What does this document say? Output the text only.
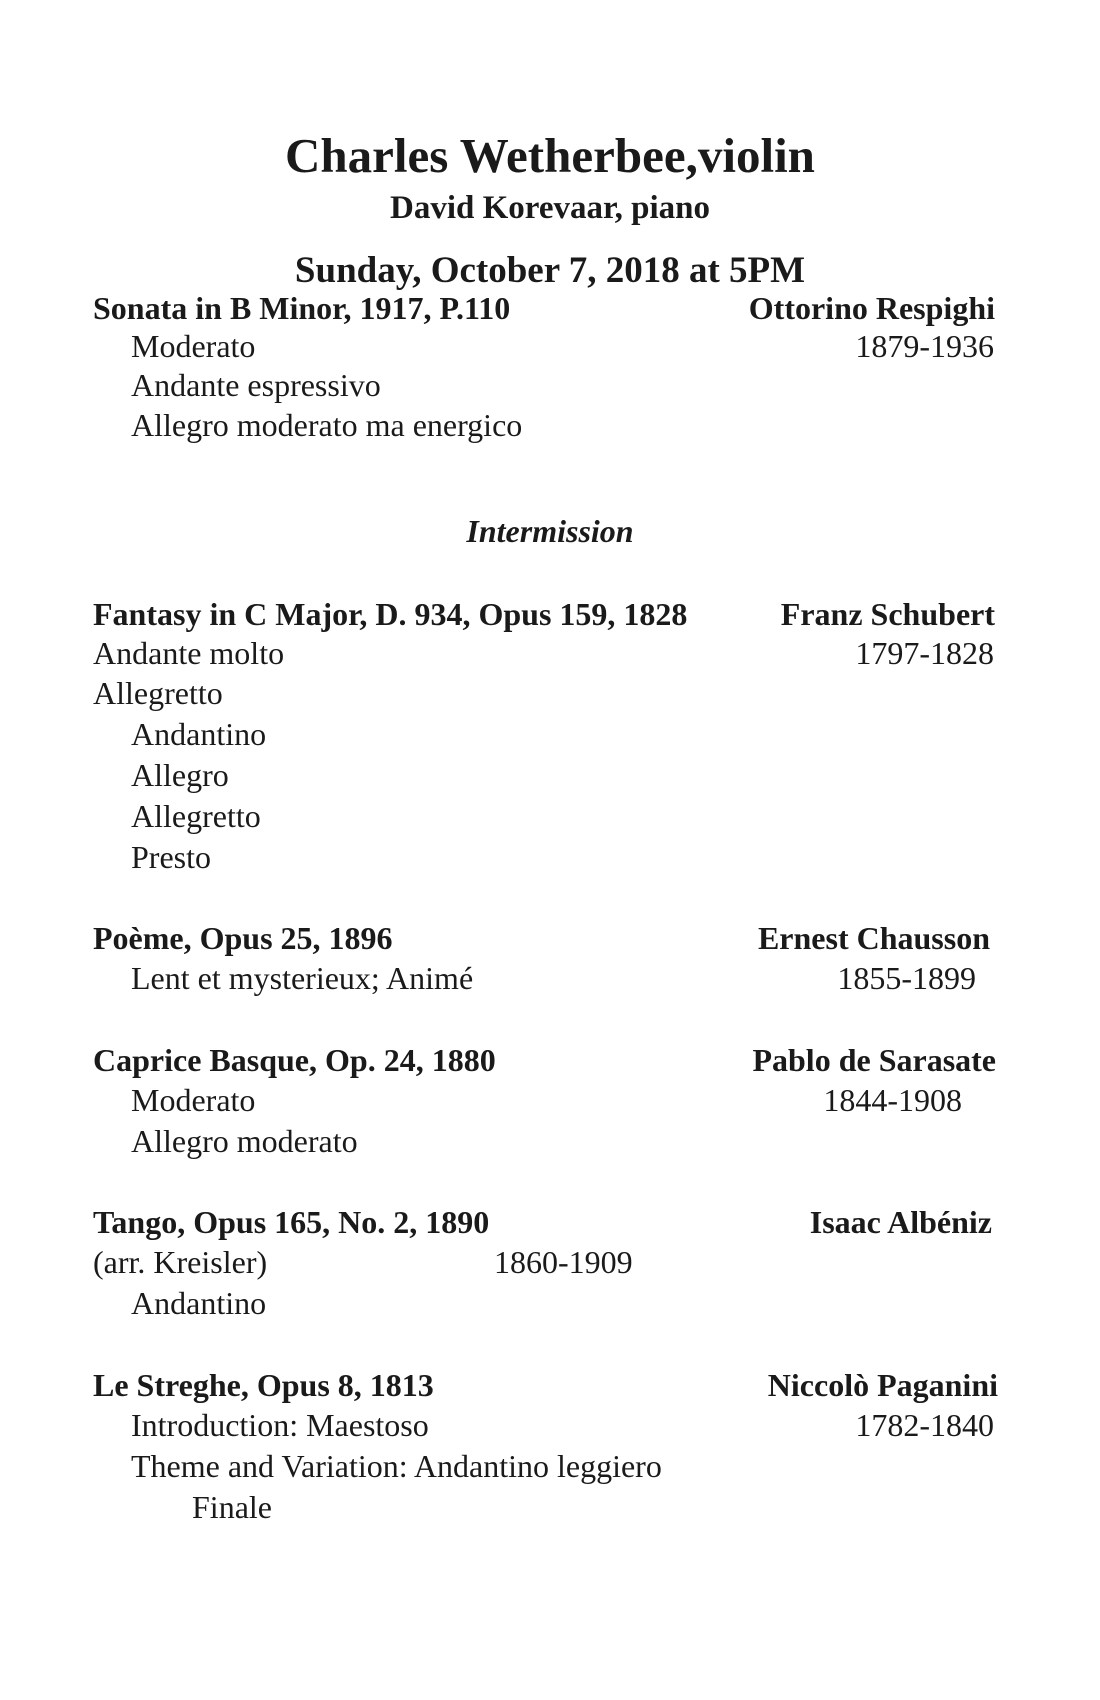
Charles Wetherbee,violin
David Korevaar, piano
Sunday, October 7, 2018 at 5PM
Sonata in B Minor, 1917, P.110	Ottorino Respighi
Moderato	1879-1936
Andante espressivo
Allegro moderato ma energico
Intermission
Fantasy in C Major, D. 934, Opus 159, 1828	Franz Schubert
Andante molto	1797-1828
Allegretto
Andantino
Allegro
Allegretto
Presto
Poème, Opus 25, 1896	Ernest Chausson
Lent et mysterieux; Animé	1855-1899
Caprice Basque, Op. 24, 1880	Pablo de Sarasate
Moderato	1844-1908
Allegro moderato
Tango, Opus 165, No. 2, 1890	Isaac Albéniz
(arr. Kreisler)	1860-1909
Andantino
Le Streghe, Opus 8, 1813	Niccolò Paganini
Introduction: Maestoso	1782-1840
Theme and Variation: Andantino leggiero
Finale
